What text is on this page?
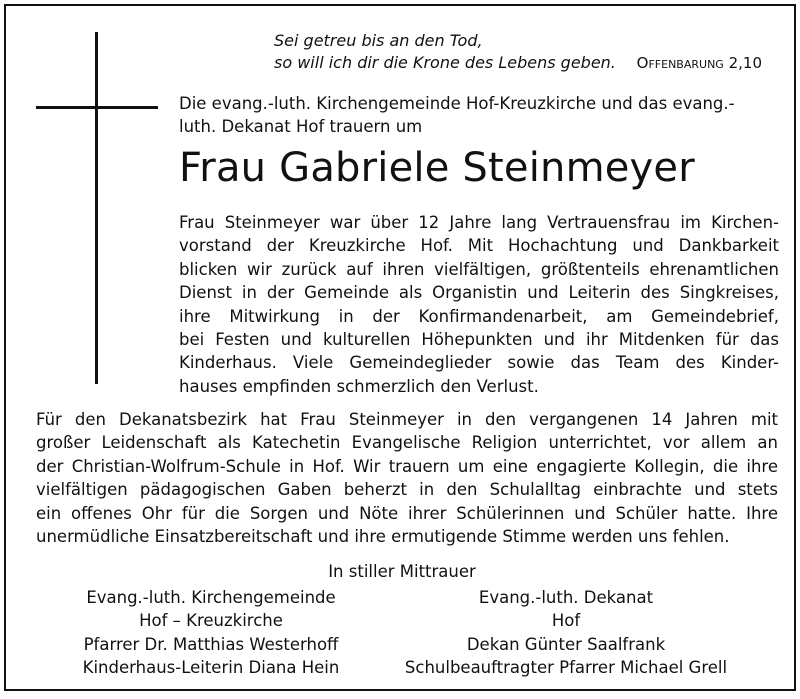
Sei getreu bis an den Tod,
so will ich dir die Krone des Lebens geben.	Offenbarung 2,10
Die evang.-luth. Kirchengemeinde Hof-Kreuzkirche und das evang.-
luth. Dekanat Hof trauern um
Frau Gabriele Steinmeyer
Frau Steinmeyer war über 12 Jahre lang Vertrauensfrau im Kirchen-
vorstand der Kreuzkirche Hof. Mit Hochachtung und Dankbarkeit
blicken wir zurück auf ihren vielfältigen, größtenteils ehrenamtlichen
Dienst in der Gemeinde als Organistin und Leiterin des Singkreises,
ihre Mitwirkung in der Konfirmandenarbeit, am Gemeindebrief,
bei Festen und kulturellen Höhepunkten und ihr Mitdenken für das
Kinderhaus. Viele Gemeindeglieder sowie das Team des Kinder-
hauses empfinden schmerzlich den Verlust.
Für den Dekanatsbezirk hat Frau Steinmeyer in den vergangenen 14 Jahren mit
großer Leidenschaft als Katechetin Evangelische Religion unterrichtet, vor allem an
der Christian-Wolfrum-Schule in Hof. Wir trauern um eine engagierte Kollegin, die ihre
vielfältigen pädagogischen Gaben beherzt in den Schulalltag einbrachte und stets
ein offenes Ohr für die Sorgen und Nöte ihrer Schülerinnen und Schüler hatte. Ihre
unermüdliche Einsatzbereitschaft und ihre ermutigende Stimme werden uns fehlen.
In stiller Mittrauer
Evang.-luth. Kirchengemeinde
Hof – Kreuzkirche
Pfarrer Dr. Matthias Westerhoff
Kinderhaus-Leiterin Diana Hein
Evang.-luth. Dekanat
Hof
Dekan Günter Saalfrank
Schulbeauftragter Pfarrer Michael Grell
